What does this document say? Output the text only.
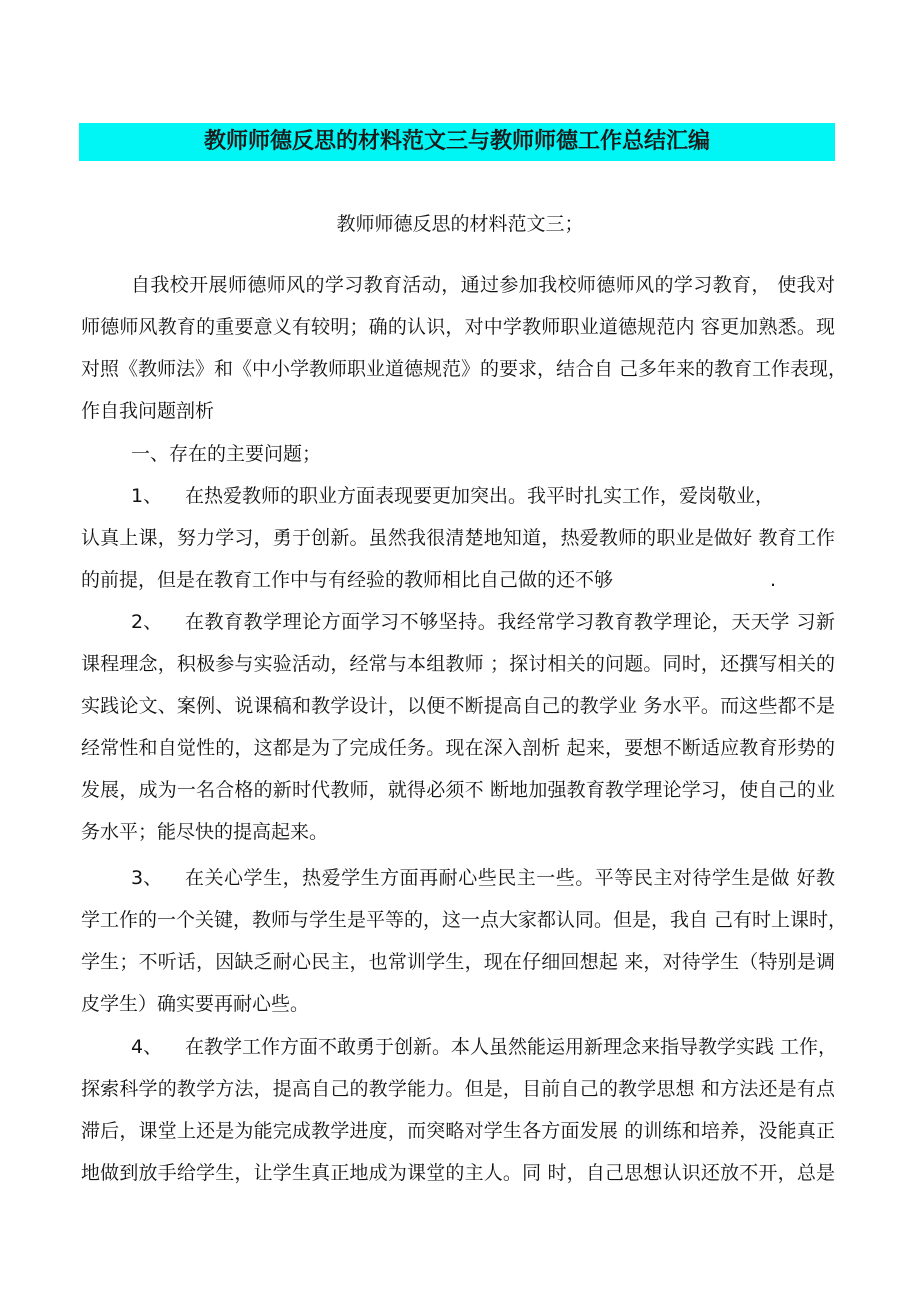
教师师德反思的材料范文三与教师师德工作总结汇编
教师师德反思的材料范文三；
自我校开展师德师风的学习教育活动，通过参加我校师德师风的学习教育， 使我对
师德师风教育的重要意义有较明；确的认识，对中学教师职业道德规范内 容更加熟悉。现
对照《教师法》和《中小学教师职业道德规范》的要求，结合自 己多年来的教育工作表现，
作自我问题剖析
一、存在的主要问题；
1、 在热爱教师的职业方面表现要更加突出。我平时扎实工作，爱岗敬业，
认真上课，努力学习，勇于创新。虽然我很清楚地知道，热爱教师的职业是做好 教育工作
的前提，但是在教育工作中与有经验的教师相比自己做的还不够                          .
2、 在教育教学理论方面学习不够坚持。我经常学习教育教学理论，天天学 习新
课程理念，积极参与实验活动，经常与本组教师 ；探讨相关的问题。同时，还撰写相关的
实践论文、案例、说课稿和教学设计，以便不断提高自己的教学业 务水平。而这些都不是
经常性和自觉性的，这都是为了完成任务。现在深入剖析 起来，要想不断适应教育形势的
发展，成为一名合格的新时代教师，就得必须不 断地加强教育教学理论学习，使自己的业
务水平；能尽快的提高起来。
3、 在关心学生，热爱学生方面再耐心些民主一些。平等民主对待学生是做 好教
学工作的一个关键，教师与学生是平等的，这一点大家都认同。但是，我自 己有时上课时，
学生；不听话，因缺乏耐心民主，也常训学生，现在仔细回想起 来，对待学生（特别是调
皮学生）确实要再耐心些。
4、 在教学工作方面不敢勇于创新。本人虽然能运用新理念来指导教学实践 工作，
探索科学的教学方法，提高自己的教学能力。但是，目前自己的教学思想 和方法还是有点
滞后，课堂上还是为能完成教学进度，而突略对学生各方面发展 的训练和培养，没能真正
地做到放手给学生，让学生真正地成为课堂的主人。同 时，自己思想认识还放不开，总是
